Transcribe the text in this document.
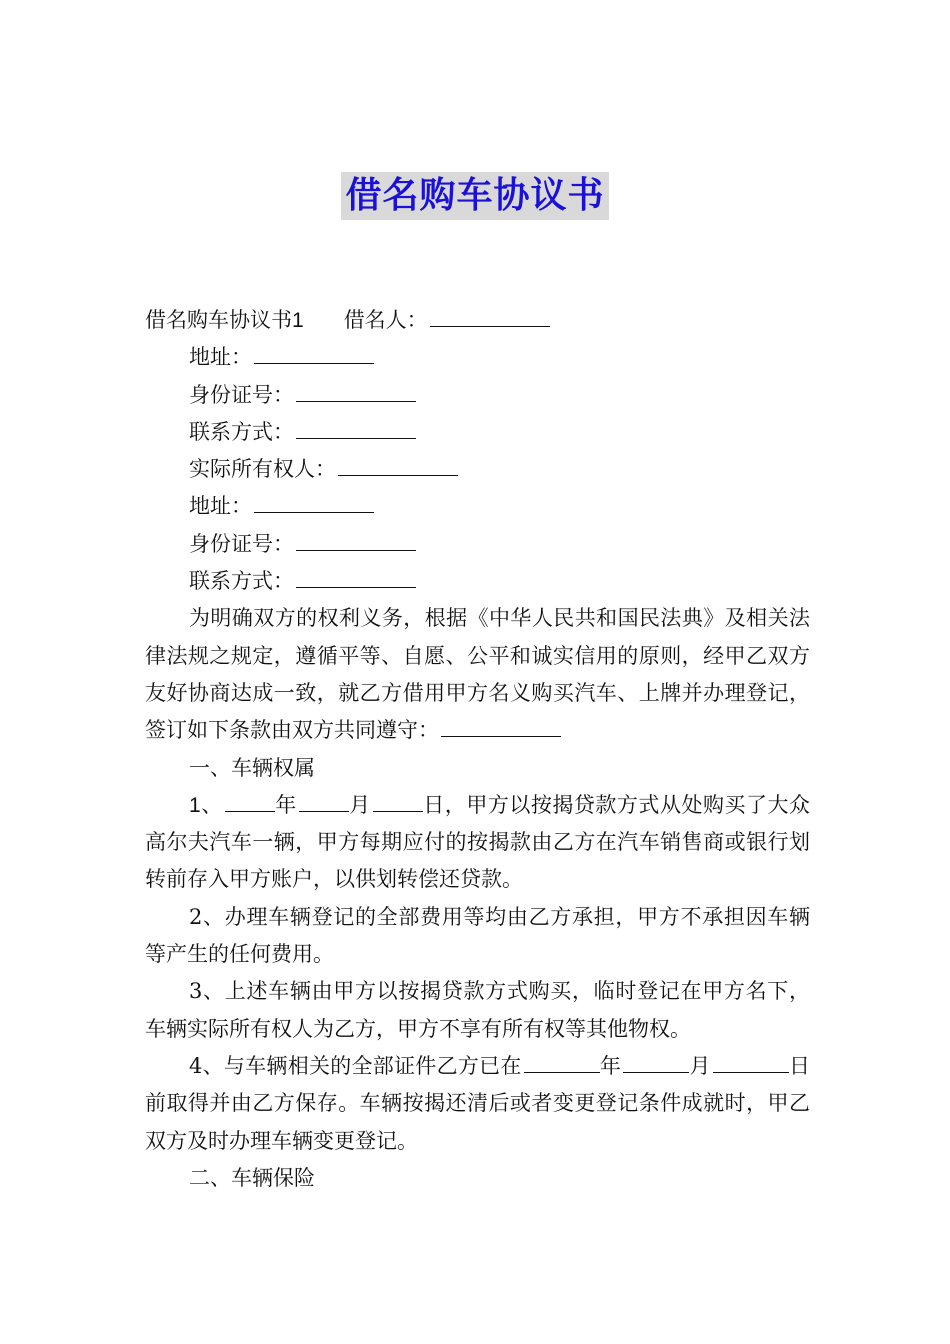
借名购车协议书
借名购车协议书1 借名人：
地址：
身份证号：
联系方式：
实际所有权人：
地址：
身份证号：
联系方式：
为明确双方的权利义务，根据《中华人民共和国民法典》及相关法律法规之规定，遵循平等、自愿、公平和诚实信用的原则，经甲乙双方友好协商达成一致，就乙方借用甲方名义购买汽车、上牌并办理登记，签订如下条款由双方共同遵守：
一、车辆权属
1、 年 月 日，甲方以按揭贷款方式从处购买了大众高尔夫汽车一辆，甲方每期应付的按揭款由乙方在汽车销售商或银行划转前存入甲方账户，以供划转偿还贷款。
2、办理车辆登记的全部费用等均由乙方承担，甲方不承担因车辆等产生的任何费用。
3、上述车辆由甲方以按揭贷款方式购买，临时登记在甲方名下，车辆实际所有权人为乙方，甲方不享有所有权等其他物权。
4、与车辆相关的全部证件乙方已在	年	月	日前取得并由乙方保存。车辆按揭还清后或者变更登记条件成就时，甲乙双方及时办理车辆变更登记。
二、车辆保险
